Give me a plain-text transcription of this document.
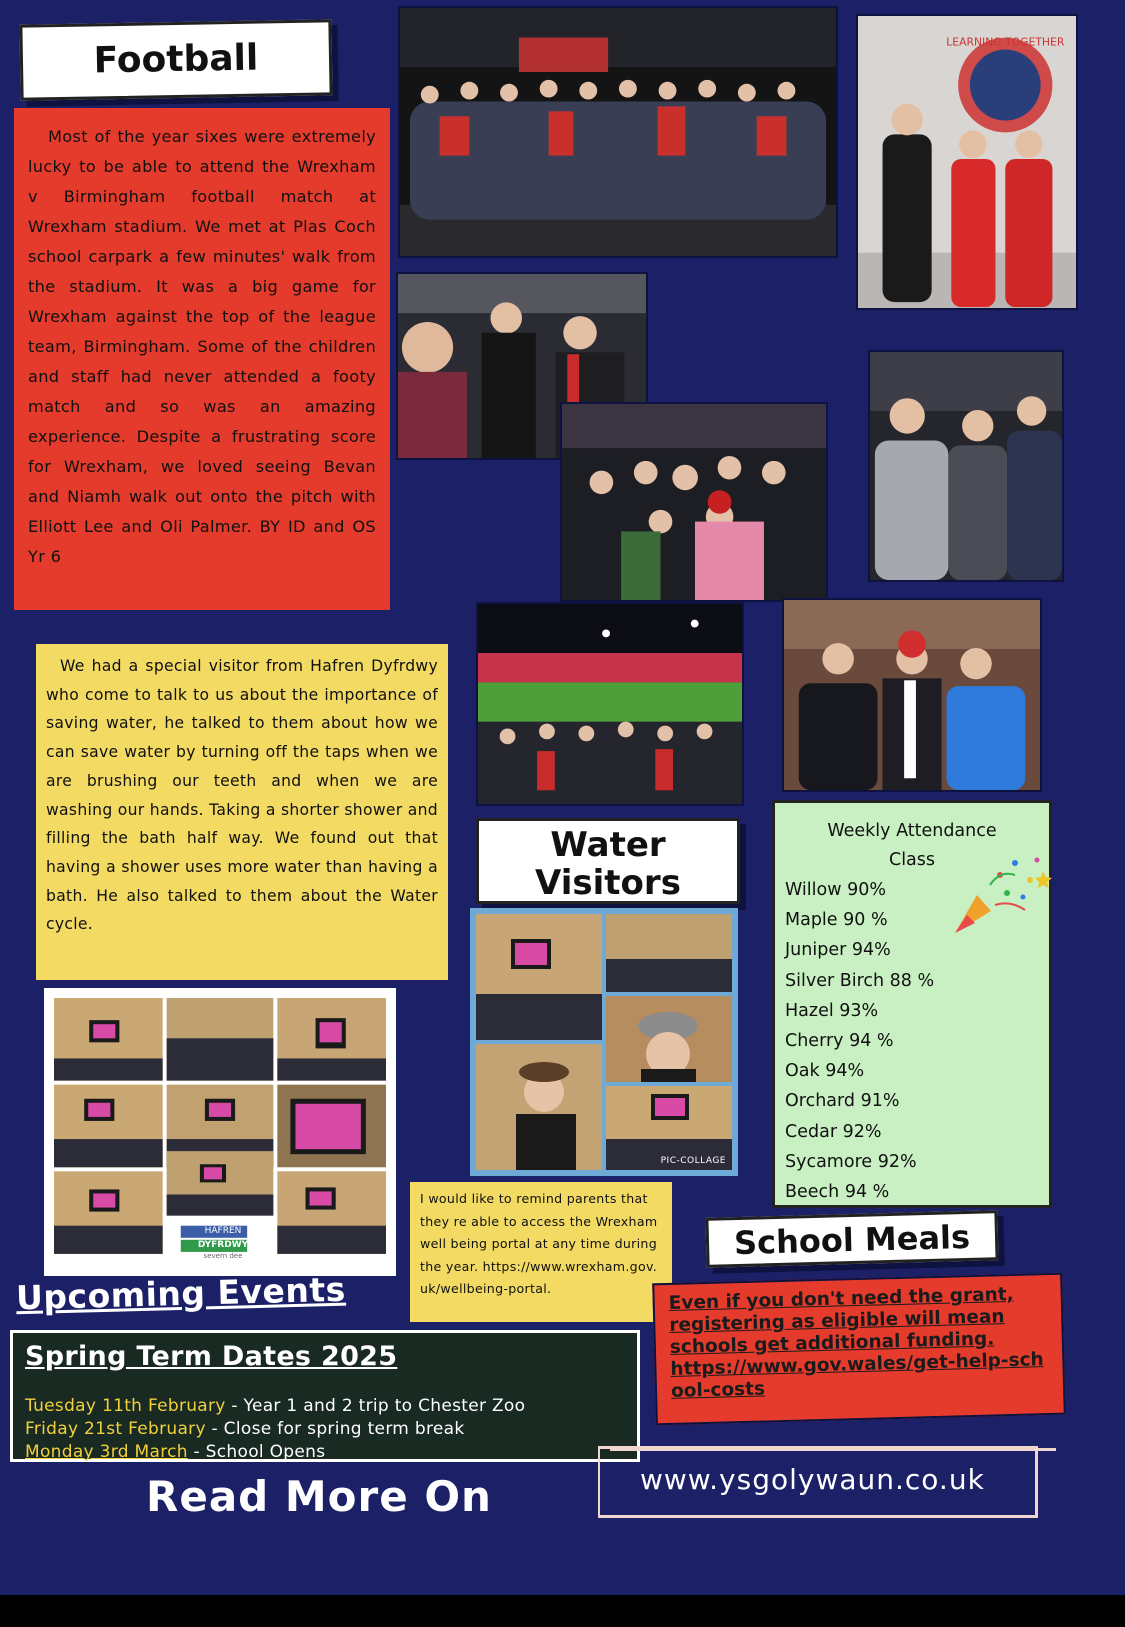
Football
Most of the year sixes were extremely lucky to be able to attend the Wrexham v Birmingham football match at Wrexham stadium. We met at Plas Coch school carpark a few minutes' walk from the stadium. It was a big game for Wrexham against the top of the league team, Birmingham. Some of the children and staff had never attended a footy match and so was an amazing experience. Despite a frustrating score for Wrexham, we loved seeing Bevan and Niamh walk out onto the pitch with Elliott Lee and Oli Palmer. BY ID and OS Yr 6
LEARNING TOGETHER
We had a special visitor from Hafren Dyfrdwy who come to talk to us about the importance of saving water, he talked to them about how we can save water by turning off the taps when we are brushing our teeth and when we are washing our hands. Taking a shorter shower and filling the bath half way. We found out that having a shower uses more water than having a bath. He also talked to them about the Water cycle.
Water
Visitors
HAFREN
DYFRDWY
severn dee
PIC-COLLAGE
Weekly Attendance
Class
Willow 90%
Maple 90 %
Juniper 94%
Silver Birch 88 %
Hazel 93%
Cherry 94 %
Oak 94%
Orchard 91%
Cedar 92%
Sycamore 92%
Beech 94 %
I would like to remind parents that they re able to access the Wrexham well being portal at any time during the year. https://www.wrexham.gov.uk/wellbeing-portal.
School Meals
Even if you don't need the grant, registering as eligible will mean schools get additional funding.
https://www.gov.wales/get-help-school-costs
Upcoming Events
Spring Term Dates 2025
Tuesday 11th February - Year 1 and 2 trip to Chester Zoo
Friday 21st February - Close for spring term break
Monday 3rd March - School Opens
Read More On	www.ysgolywaun.co.uk
